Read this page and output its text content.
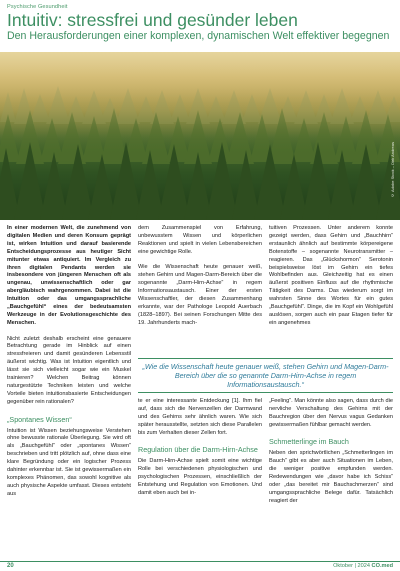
Psychische Gesundheit
Intuitiv: stressfrei und gesünder leben
Den Herausforderungen einer komplexen, dynamischen Welt effektiver begegnen
© Adobe Stock – Dirk Andreas

In einer modernen Welt, die zunehmend von digitalen Medien und deren Konsum geprägt ist, wirken Intuition und darauf basierende Entscheidungsprozesse aus heutiger Sicht mitunter etwas antiquiert. Im Vergleich zu ihren digitalen Pendants werden sie insbesondere von jüngeren Menschen oft als ungenau, unwissenschaftlich oder gar abergläubisch wahrgenommen. Dabei ist die Intuition oder das umgangssprachliche „Bauchgefühl“ eines der bedeutsamsten Werkzeuge in der Evolutionsgeschichte des Menschen.

Nicht zuletzt deshalb erscheint eine genauere Betrachtung gerade im Hinblick auf einen stressfreieren und damit gesünderen Lebensstil äußerst wichtig. Was ist Intuition eigentlich und lässt sie sich vielleicht sogar wie ein Muskel trainieren? Welchen Beitrag können naturgestützte Techniken leisten und welche Vorteile bieten intuitionsbasierte Entscheidungen gegenüber rein rationalen?

„Spontanes Wissen“

Intuition ist Wissen beziehungsweise Verstehen ohne bewusste rationale Überlegung. Sie wird oft als „Bauchgefühl“ oder „spontanes Wissen“ beschrieben und tritt plötzlich auf, ohne dass eine klare Begründung oder ein logischer Prozess dahinter erkennbar ist. Sie ist gewissermaßen ein komplexes Phänomen, das sowohl kognitive als auch physische Aspekte umfasst. Dieses entsteht aus

dem Zusammenspiel von Erfahrung, unbewusstem Wissen und körperlichen Reaktionen und spielt in vielen Lebensbereichen eine gewichtige Rolle.

Wie die Wissenschaft heute genauer weiß, stehen Gehirn und Magen-Darm-Bereich über die sogenannte „Darm-Hirn-Achse“ in regem Informationsaustausch. Einer der ersten Wissenschaftler, der diesen Zusammenhang erkannte, war der Pathologe Leopold Auerbach (1828–1897). Bei seinen Forschungen Mitte des 19. Jahrhunderts mach-

tuitiven Prozessen. Unter anderem konnte gezeigt werden, dass Gehirn und „Bauchhirn“ erstaunlich ähnlich auf bestimmte körpereigene Botenstoffe – sogenannte Neurotransmitter – reagieren. Das „Glückshormon“ Serotonin beispielsweise löst im Gehirn ein tiefes Wohlbefinden aus. Gleichzeitig hat es einen äußerst positiven Einfluss auf die rhythmische Tätigkeit des Darms. Das wiederum sorgt im wahrsten Sinne des Wortes für ein gutes „Bauchgefühl“. Dinge, die im Kopf ein Wohlgefühl auslösen, sorgen auch ein paar Etagen tiefer für ein angenehmes

„Wie die Wissenschaft heute genauer weiß, stehen Gehirn und Magen-Darm-Bereich über die so genannte Darm-Hirn-Achse in regem Informationsaustausch.“

te er eine interessante Entdeckung [1]. Ihm fiel auf, dass sich die Nervenzellen der Darmwand und des Gehirns sehr ähnlich waren. Wie sich später herausstellte, setzten sich diese Parallelen bis zum Verhalten dieser Zellen fort.

Regulation über die Darm-Hirn-Achse

Die Darm-Hirn-Achse spielt somit eine wichtige Rolle bei verschiedenen physiologischen und psychologischen Prozessen, einschließlich der Entstehung und Regulation von Emotionen. Und damit eben auch bei in-

„Feeling“. Man könnte also sagen, dass durch die nervliche Verschaltung des Gehirns mit der Bauchregion über den Nervus vagus Gedanken gewissermaßen fühlbar gemacht werden.

Schmetterlinge im Bauch

Neben den sprichwörtlichen „Schmetterlingen im Bauch“ gibt es aber auch Situationen im Leben, die weniger positive empfunden werden. Redewendungen wie „davor habe ich Schiss“ oder „das bereitet mir Bauchschmerzen“ sind umgangssprachliche Belege dafür. Tatsächlich reagiert der

20	Oktober | 2024 CO.med
